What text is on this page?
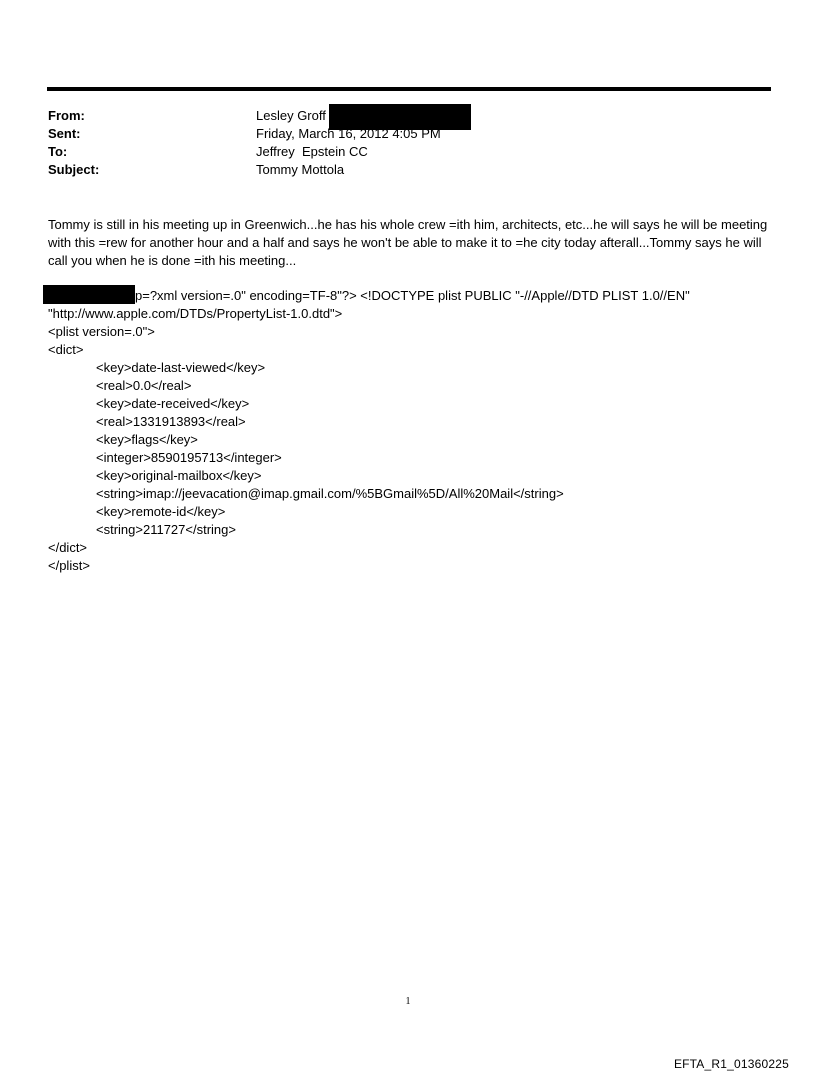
From:	Lesley Groff
Sent:	Friday, March 16, 2012 4:05 PM
To:	Jeffrey  Epstein CC
Subject:	Tommy Mottola

Tommy is still in his meeting up in Greenwich...he has his whole crew =ith him, architects, etc...he will says he will be meeting with this =rew for another hour and a half and says he won't be able to make it to =he city today afterall...Tommy says he will call you when he is done =ith his meeting...

p=?xml version=.0" encoding=TF-8"?> <!DOCTYPE plist PUBLIC "-//Apple//DTD PLIST 1.0//EN"
"http://www.apple.com/DTDs/PropertyList-1.0.dtd">
<plist version=.0">
<dict>
<key>date-last-viewed</key>
<real>0.0</real>
<key>date-received</key>
<real>1331913893</real>
<key>flags</key>
<integer>8590195713</integer>
<key>original-mailbox</key>
<string>imap://jeevacation@imap.gmail.com/%5BGmail%5D/All%20Mail</string>
<key>remote-id</key>
<string>211727</string>
</dict>
</plist>
1
EFTA_R1_01360225
